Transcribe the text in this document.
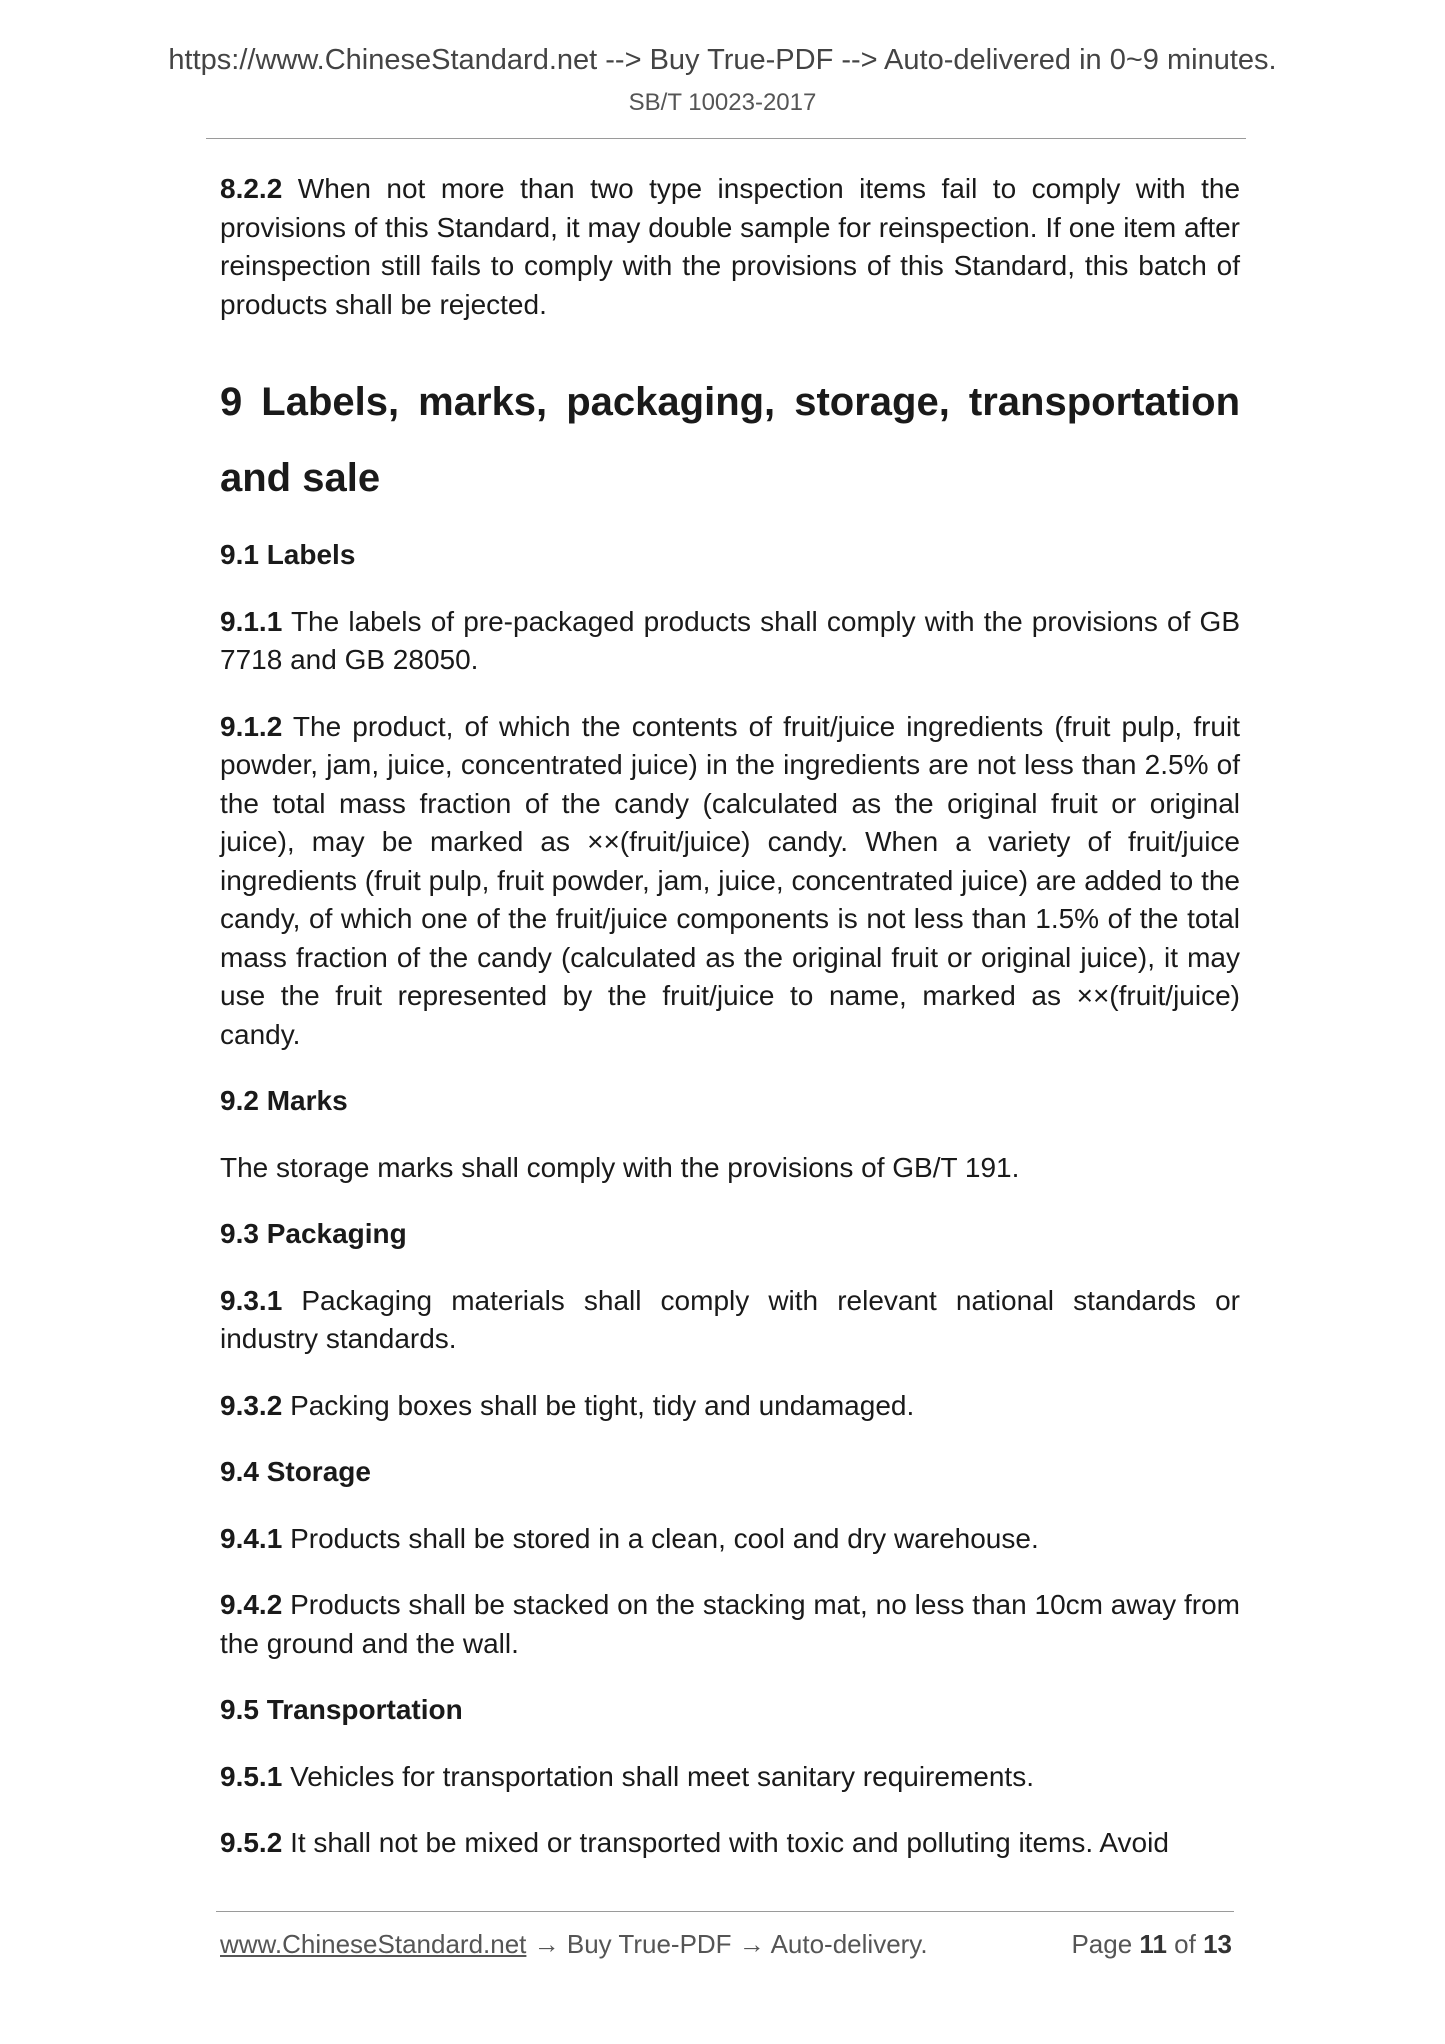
https://www.ChineseStandard.net --> Buy True-PDF --> Auto-delivered in 0~9 minutes.
SB/T 10023-2017

8.2.2 When not more than two type inspection items fail to comply with the provisions of this Standard, it may double sample for reinspection. If one item after reinspection still fails to comply with the provisions of this Standard, this batch of products shall be rejected.

9 Labels, marks, packaging, storage, transportation and sale
9.1 Labels

9.1.1 The labels of pre-packaged products shall comply with the provisions of GB 7718 and GB 28050.

9.1.2 The product, of which the contents of fruit/juice ingredients (fruit pulp, fruit powder, jam, juice, concentrated juice) in the ingredients are not less than 2.5% of the total mass fraction of the candy (calculated as the original fruit or original juice), may be marked as ××(fruit/juice) candy. When a variety of fruit/juice ingredients (fruit pulp, fruit powder, jam, juice, concentrated juice) are added to the candy, of which one of the fruit/juice components is not less than 1.5% of the total mass fraction of the candy (calculated as the original fruit or original juice), it may use the fruit represented by the fruit/juice to name, marked as ××(fruit/juice) candy.

9.2 Marks

The storage marks shall comply with the provisions of GB/T 191.

9.3 Packaging

9.3.1 Packaging materials shall comply with relevant national standards or industry standards.

9.3.2 Packing boxes shall be tight, tidy and undamaged.

9.4 Storage

9.4.1 Products shall be stored in a clean, cool and dry warehouse.

9.4.2 Products shall be stacked on the stacking mat, no less than 10cm away from the ground and the wall.

9.5 Transportation

9.5.1 Vehicles for transportation shall meet sanitary requirements.

9.5.2 It shall not be mixed or transported with toxic and polluting items. Avoid

www.ChineseStandard.net → Buy True-PDF → Auto-delivery.	Page 11 of 13
